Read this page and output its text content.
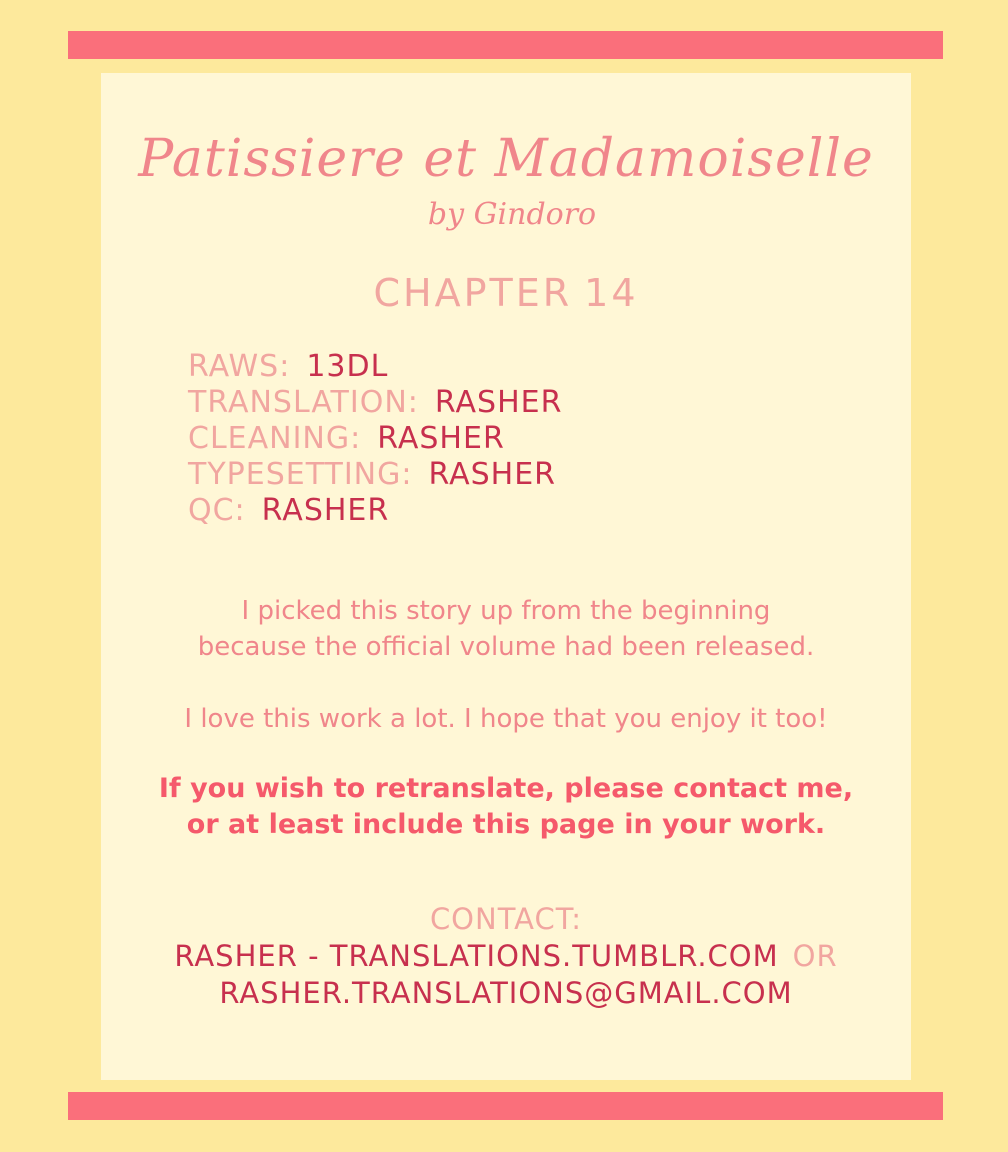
Patissiere et Madamoiselle
by Gindoro
CHAPTER 14
RAWS: 13DL
TRANSLATION: RASHER
CLEANING: RASHER
TYPESETTING: RASHER
QC: RASHER

I picked this story up from the beginning

because the official volume had been released.

I love this work a lot. I hope that you enjoy it too!

If you wish to retranslate, please contact me,

or at least include this page in your work.

CONTACT:

RASHER - TRANSLATIONS.TUMBLR.COM OR

RASHER.TRANSLATIONS@GMAIL.COM
